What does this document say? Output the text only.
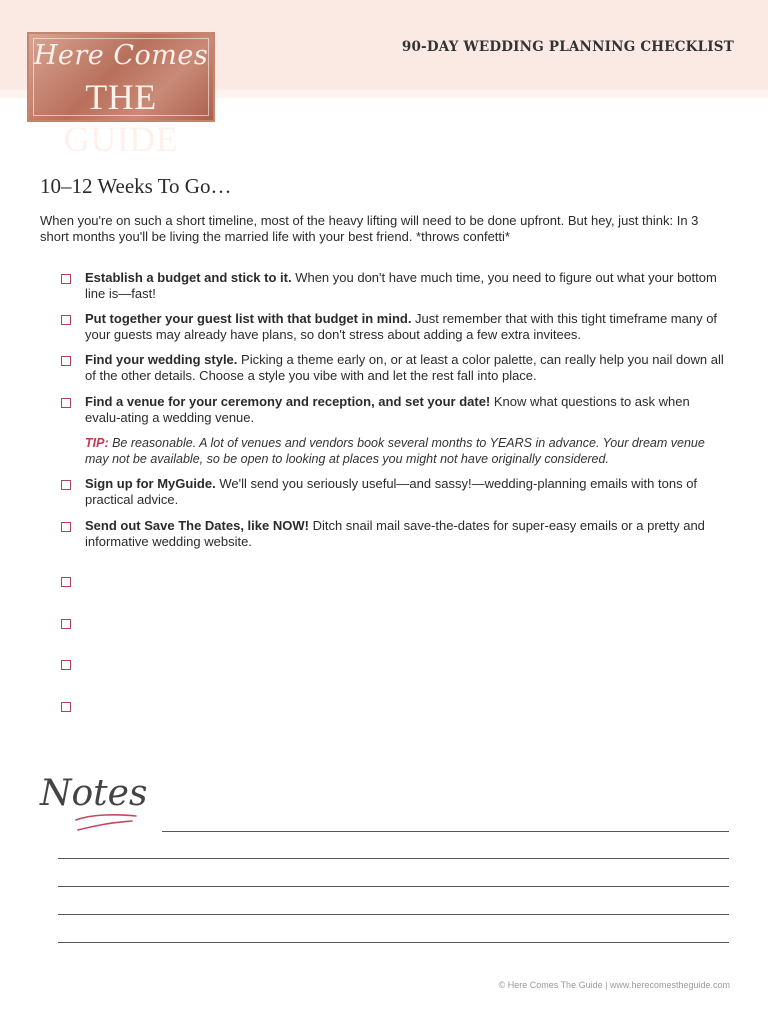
Here Comes
THE GUIDE
90-DAY WEDDING PLANNING CHECKLIST
10–12 Weeks To Go…

When you're on such a short timeline, most of the heavy lifting will need to be done upfront. But hey, just think: In 3 short months you'll be living the married life with your best friend. *throws confetti*

Establish a budget and stick to it. When you don't have much time, you need to figure out what your bottom line is—fast!
Put together your guest list with that budget in mind. Just remember that with this tight timeframe many of your guests may already have plans, so don't stress about adding a few extra invitees.
Find your wedding style. Picking a theme early on, or at least a color palette, can really help you nail down all of the other details. Choose a style you vibe with and let the rest fall into place.
Find a venue for your ceremony and reception, and set your date! Know what questions to ask when evalu-ating a wedding venue.
TIP: Be reasonable. A lot of venues and vendors book several months to YEARS in advance. Your dream venue may not be available, so be open to looking at places you might not have originally considered.
Sign up for MyGuide. We'll send you seriously useful—and sassy!—wedding-planning emails with tons of practical advice.
Send out Save The Dates, like NOW! Ditch snail mail save-the-dates for super-easy emails or a pretty and informative wedding website.
Notes
© Here Comes The Guide | www.herecomestheguide.com
